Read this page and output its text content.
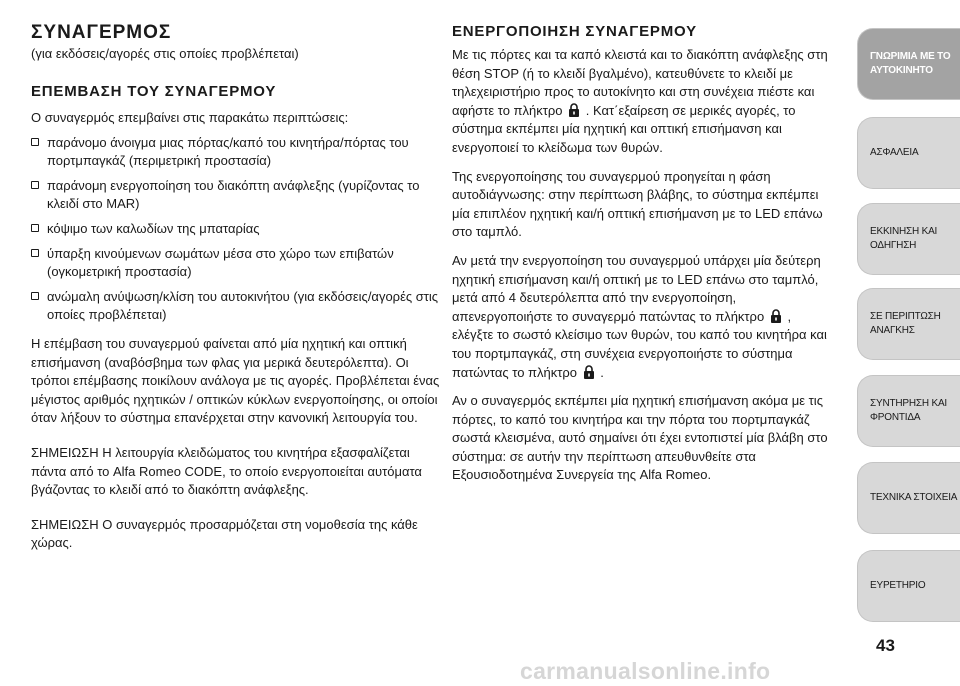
ΣΥΝΑΓΕΡΜΟΣ
(για εκδόσεις/αγορές στις οποίες προβλέπεται)
ΕΠΕΜΒΑΣΗ ΤΟΥ ΣΥΝΑΓΕΡΜΟΥ

Ο συναγερμός επεμβαίνει στις παρακάτω περιπτώσεις:

παράνομο άνοιγμα μιας πόρτας/καπό του κινητήρα/πόρτας του πορτμπαγκάζ (περιμετρική προστασία)
παράνομη ενεργοποίηση του διακόπτη ανάφλεξης (γυρίζοντας το κλειδί στο MAR)
κόψιμο των καλωδίων της μπαταρίας
ύπαρξη κινούμενων σωμάτων μέσα στο χώρο των επιβατών (ογκομετρική προστασία)
ανώμαλη ανύψωση/κλίση του αυτοκινήτου (για εκδόσεις/αγορές στις οποίες προβλέπεται)

Η επέμβαση του συναγερμού φαίνεται από μία ηχητική και οπτική επισήμανση (αναβόσβημα των φλας για μερικά δευτερόλεπτα). Οι τρόποι επέμβασης ποικίλουν ανάλογα με τις αγορές. Προβλέπεται ένας μέγιστος αριθμός ηχητικών / οπτικών κύκλων ενεργοποίησης, οι οποίοι όταν λήξουν το σύστημα επανέρχεται στην κανονική λειτουργία του.

ΣΗΜΕΙΩΣΗ Η λειτουργία κλειδώματος του κινητήρα εξασφαλίζεται πάντα από το Alfa Romeo CODE, το οποίο ενεργοποιείται αυτόματα βγάζοντας το κλειδί από το διακόπτη ανάφλεξης.

ΣΗΜΕΙΩΣΗ Ο συναγερμός προσαρμόζεται στη νομοθεσία της κάθε χώρας.

ΕΝΕΡΓΟΠΟΙΗΣΗ ΣΥΝΑΓΕΡΜΟΥ

Με τις πόρτες και τα καπό κλειστά και το διακόπτη ανάφλεξης στη θέση STOP (ή το κλειδί βγαλμένο), κατευθύνετε το κλειδί με τηλεχειριστήριο προς το αυτοκίνητο και στη συνέχεια πιέστε και αφήστε το πλήκτρο . Κατ΄εξαίρεση σε μερικές αγορές, το σύστημα εκπέμπει μία ηχητική και οπτική επισήμανση και ενεργοποιεί το κλείδωμα των θυρών.

Της ενεργοποίησης του συναγερμού προηγείται η φάση αυτοδιάγνωσης: στην περίπτωση βλάβης, το σύστημα εκπέμπει μία επιπλέον ηχητική και/ή οπτική επισήμανση με το LED επάνω στο ταμπλό.

Αν μετά την ενεργοποίηση του συναγερμού υπάρχει μία δεύτερη ηχητική επισήμανση και/ή οπτική με το LED επάνω στο ταμπλό, μετά από 4 δευτερόλεπτα από την ενεργοποίηση, απενεργοποιήστε το συναγερμό πατώντας το πλήκτρο , ελέγξτε το σωστό κλείσιμο των θυρών, του καπό του κινητήρα και του πορτμπαγκάζ, στη συνέχεια ενεργοποιήστε το σύστημα πατώντας το πλήκτρο .

Αν ο συναγερμός εκπέμπει μία ηχητική επισήμανση ακόμα με τις πόρτες, το καπό του κινητήρα και την πόρτα του πορτμπαγκάζ σωστά κλεισμένα, αυτό σημαίνει ότι έχει εντοπιστεί μία βλάβη στο σύστημα: σε αυτήν την περίπτωση απευθυνθείτε στα Εξουσιοδοτημένα Συνεργεία της Alfa Romeo.

ΓΝΩΡΙΜΙΑ ΜΕ ΤΟ ΑΥΤΟΚΙΝΗΤΟ
ΑΣΦΑΛΕΙΑ
ΕΚΚΙΝΗΣΗ ΚΑΙ ΟΔΗΓΗΣΗ
ΣΕ ΠΕΡΙΠΤΩΣΗ ΑΝΑΓΚΗΣ
ΣΥΝΤΗΡΗΣΗ ΚΑΙ ΦΡΟΝΤΙΔΑ
ΤΕΧΝΙΚΑ ΣΤΟΙΧΕΙΑ
ΕΥΡΕΤΗΡΙΟ
43
carmanualsonline.info
